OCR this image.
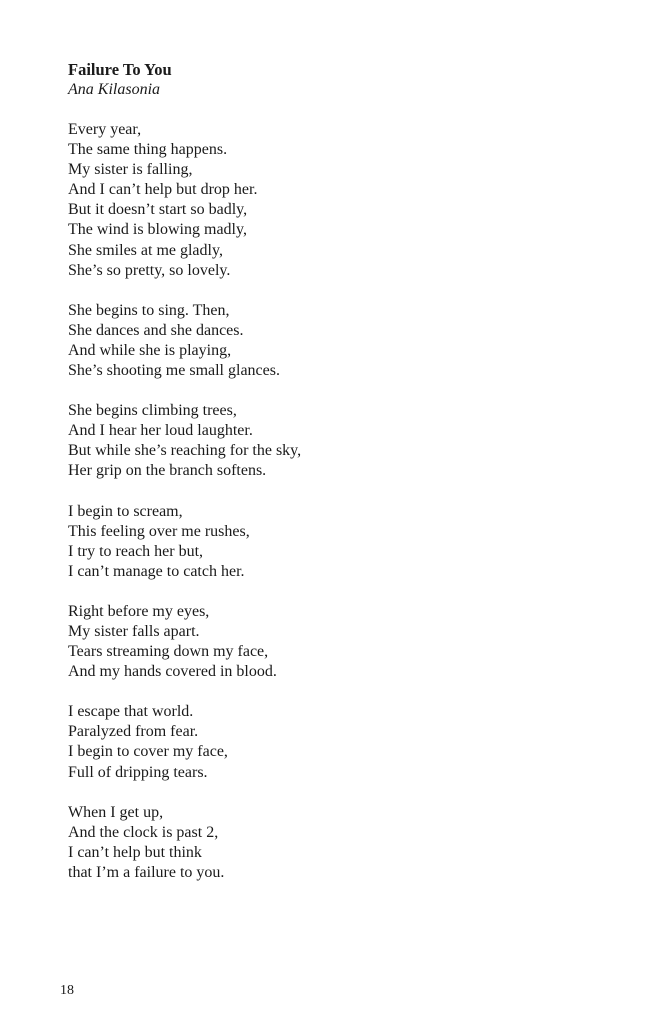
Failure To You

Ana Kilasonia

Every year,
The same thing happens.
My sister is falling,
And I can’t help but drop her.
But it doesn’t start so badly,
The wind is blowing madly,
She smiles at me gladly,
She’s so pretty, so lovely.
She begins to sing. Then,
She dances and she dances.
And while she is playing,
She’s shooting me small glances.
She begins climbing trees,
And I hear her loud laughter.
But while she’s reaching for the sky,
Her grip on the branch softens.
I begin to scream,
This feeling over me rushes,
I try to reach her but,
I can’t manage to catch her.
Right before my eyes,
My sister falls apart.
Tears streaming down my face,
And my hands covered in blood.
I escape that world.
Paralyzed from fear.
I begin to cover my face,
Full of dripping tears.
When I get up,
And the clock is past 2,
I can’t help but think
that I’m a failure to you.
18
